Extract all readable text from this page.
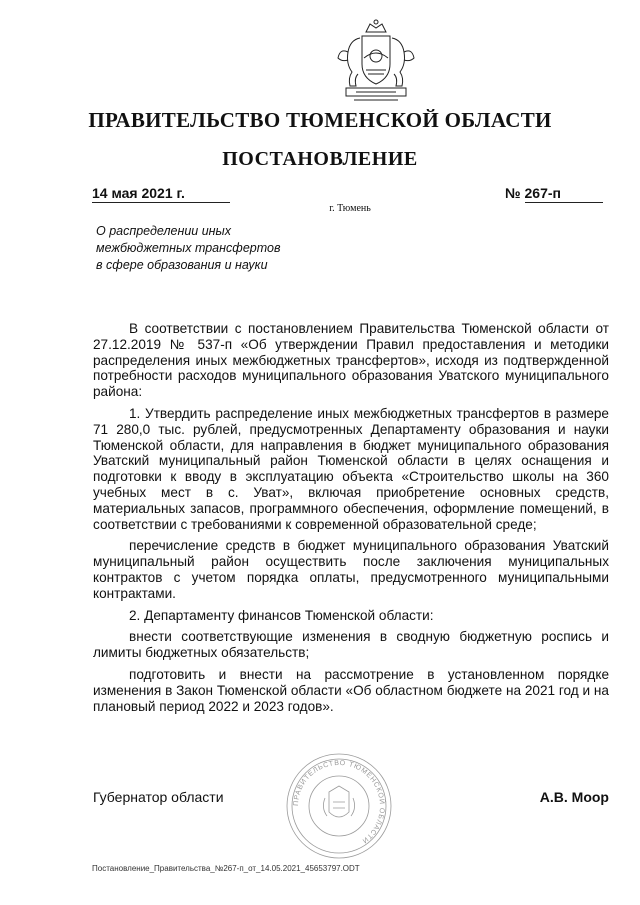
ПРАВИТЕЛЬСТВО ТЮМЕНСКОЙ ОБЛАСТИ
ПОСТАНОВЛЕНИЕ
14 мая 2021 г.	№ 267-п
г. Тюмень
О распределении иных
межбюджетных трансфертов
в сфере образования и науки

В соответствии с постановлением Правительства Тюменской области от 27.12.2019 № 537-п «Об утверждении Правил предоставления и методики распределения иных межбюджетных трансфертов», исходя из подтвержденной потребности расходов муниципального образования Уватского муниципального района:

1. Утвердить распределение иных межбюджетных трансфертов в размере 71 280,0 тыс. рублей, предусмотренных Департаменту образования и науки Тюменской области, для направления в бюджет муниципального образования Уватский муниципальный район Тюменской области в целях оснащения и подготовки к вводу в эксплуатацию объекта «Строительство школы на 360 учебных мест в с. Уват», включая приобретение основных средств, материальных запасов, программного обеспечения, оформление помещений, в соответствии с требованиями к современной образовательной среде;

перечисление средств в бюджет муниципального образования Уватский муниципальный район осуществить после заключения муниципальных контрактов с учетом порядка оплаты, предусмотренного муниципальными контрактами.

2. Департаменту финансов Тюменской области:

внести соответствующие изменения в сводную бюджетную роспись и лимиты бюджетных обязательств;

подготовить и внести на рассмотрение в установленном порядке изменения в Закон Тюменской области «Об областном бюджете на 2021 год и на плановый период 2022 и 2023 годов».

ПРАВИТЕЛЬСТВО ТЮМЕНСКОЙ ОБЛАСТИ
Губернатор области	А.В. Моор
Постановление_Правительства_№267-п_от_14.05.2021_45653797.ODT
